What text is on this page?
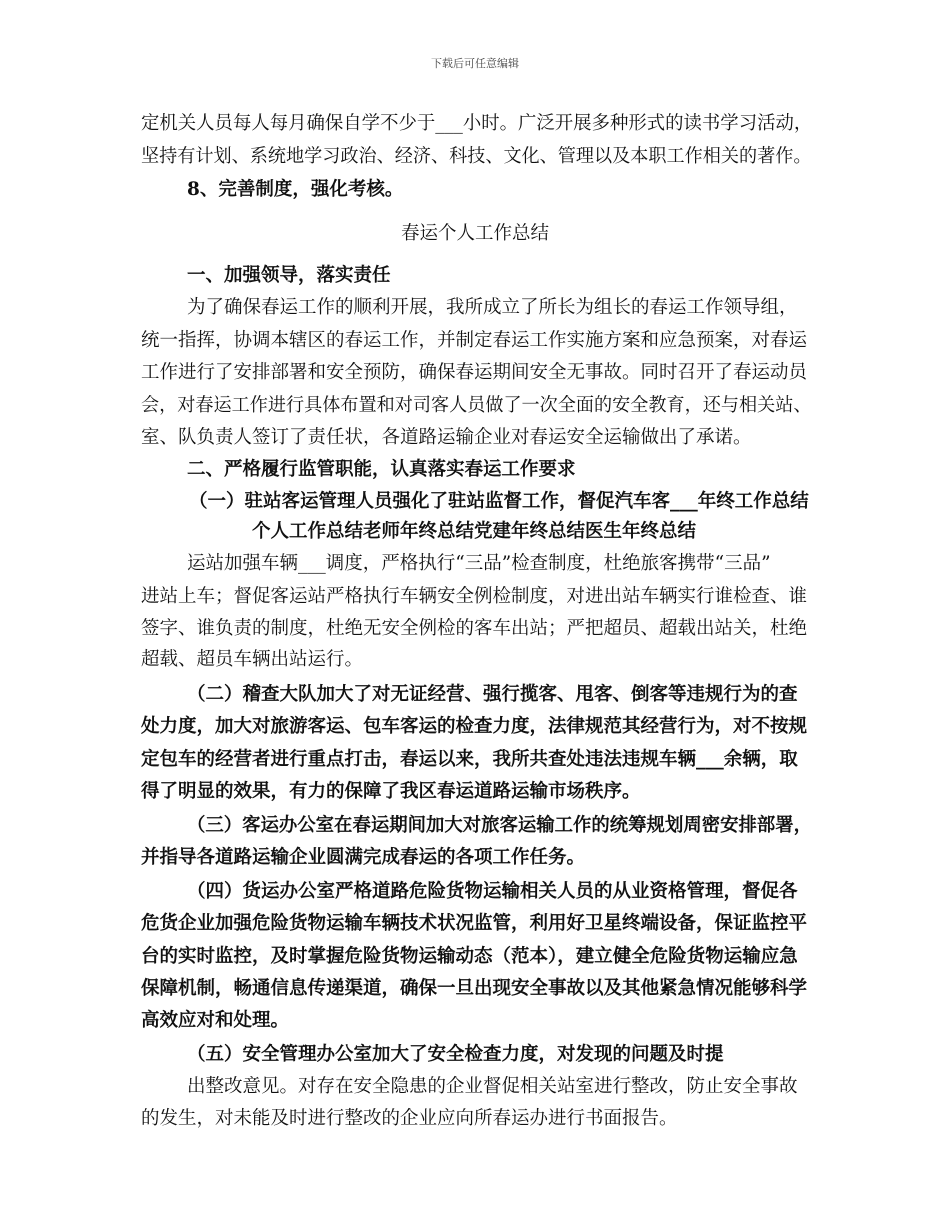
下载后可任意编辑
定机关人员每人每月确保自学不少于___小时。广泛开展多种形式的读书学习活动，
坚持有计划、系统地学习政治、经济、科技、文化、管理以及本职工作相关的著作。
8、完善制度，强化考核。
春运个人工作总结
一、加强领导，落实责任
为了确保春运工作的顺利开展，我所成立了所长为组长的春运工作领导组，
统一指挥，协调本辖区的春运工作，并制定春运工作实施方案和应急预案，对春运
工作进行了安排部署和安全预防，确保春运期间安全无事故。同时召开了春运动员
会，对春运工作进行具体布置和对司客人员做了一次全面的安全教育，还与相关站、
室、队负责人签订了责任状，各道路运输企业对春运安全运输做出了承诺。
二、严格履行监管职能，认真落实春运工作要求
（一）驻站客运管理人员强化了驻站监督工作，督促汽车客___年终工作总结
个人工作总结老师年终总结党建年终总结医生年终总结
运站加强车辆___调度，严格执行“三品”检查制度，杜绝旅客携带“三品”
进站上车；督促客运站严格执行车辆安全例检制度，对进出站车辆实行谁检查、谁
签字、谁负责的制度，杜绝无安全例检的客车出站；严把超员、超载出站关，杜绝
超载、超员车辆出站运行。
（二）稽查大队加大了对无证经营、强行揽客、甩客、倒客等违规行为的查
处力度，加大对旅游客运、包车客运的检查力度，法律规范其经营行为，对不按规
定包车的经营者进行重点打击，春运以来，我所共查处违法违规车辆___余辆，取
得了明显的效果，有力的保障了我区春运道路运输市场秩序。
（三）客运办公室在春运期间加大对旅客运输工作的统筹规划周密安排部署，
并指导各道路运输企业圆满完成春运的各项工作任务。
（四）货运办公室严格道路危险货物运输相关人员的从业资格管理，督促各
危货企业加强危险货物运输车辆技术状况监管，利用好卫星终端设备，保证监控平
台的实时监控，及时掌握危险货物运输动态（范本），建立健全危险货物运输应急
保障机制，畅通信息传递渠道，确保一旦出现安全事故以及其他紧急情况能够科学
高效应对和处理。
（五）安全管理办公室加大了安全检查力度，对发现的问题及时提
出整改意见。对存在安全隐患的企业督促相关站室进行整改，防止安全事故
的发生，对未能及时进行整改的企业应向所春运办进行书面报告。
